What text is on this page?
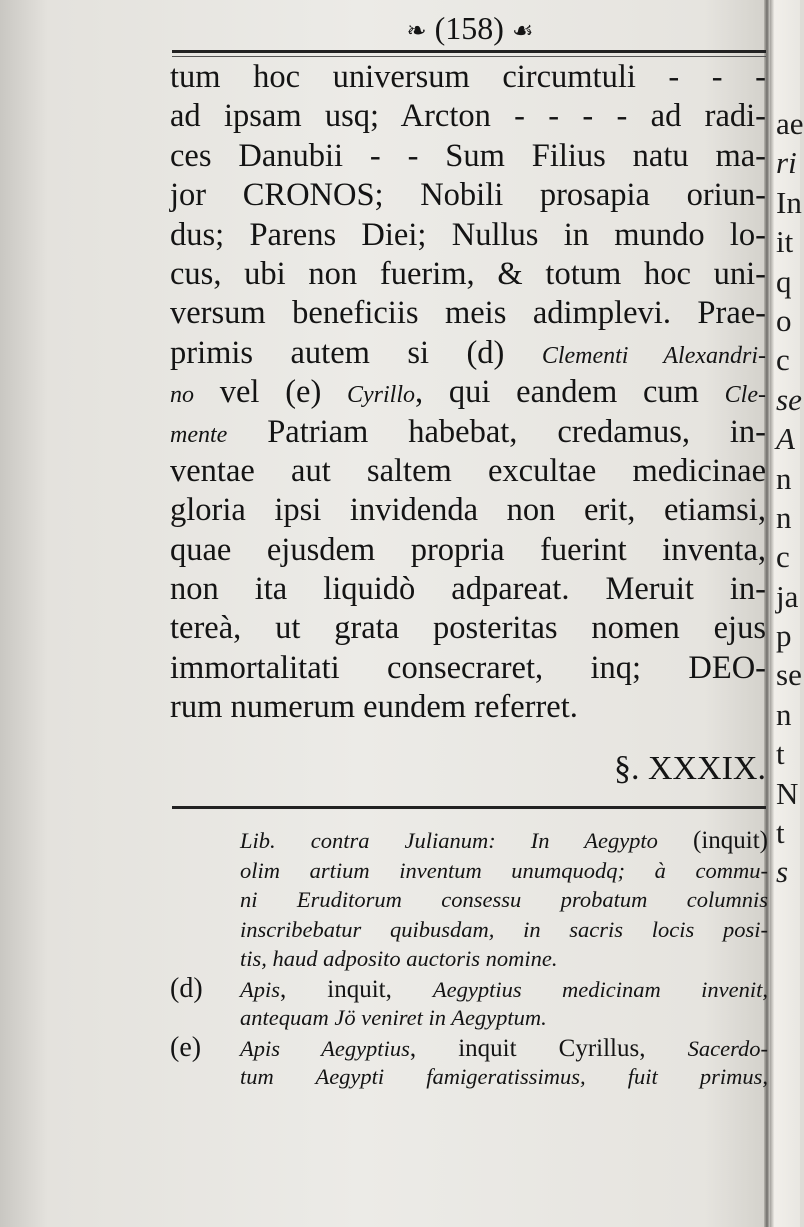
❧ (158) ☙
tum hoc universum circumtuli - - -
ad ipsam usq; Arcton - - - - ad radi-
ces Danubii - - Sum Filius natu ma-
jor CRONOS; Nobili prosapia oriun-
dus; Parens Diei; Nullus in mundo lo-
cus, ubi non fuerim, & totum hoc uni-
versum beneficiis meis adimplevi. Prae-
primis autem si (d) Clementi Alexandri-
no vel (e) Cyrillo, qui eandem cum Cle-
mente Patriam habebat, credamus, in-
ventae aut saltem excultae medicinae
gloria ipsi invidenda non erit, etiamsi,
quae ejusdem propria fuerint inventa,
non ita liquidò adpareat. Meruit in-
tereà, ut grata posteritas nomen ejus
immortalitati consecraret, inq; DEO-
rum numerum eundem referret.
§. XXXIX.
Lib. contra Julianum: In Aegypto (inquit)
olim artium inventum unumquodq; à commu-
ni Eruditorum consessu probatum columnis
inscribebatur quibusdam, in sacris locis posi-
tis, haud adposito auctoris nomine.
(d) Apis, inquit, Aegyptius medicinam invenit,
antequam Jö veniret in Aegyptum.
(e) Apis Aegyptius, inquit Cyrillus, Sacerdo-
tum Aegypti famigeratissimus, fuit primus,
ae
ri
In
it
q
o
c
se
A
n
n
c
ja
p
se
n
t
N
t
s
